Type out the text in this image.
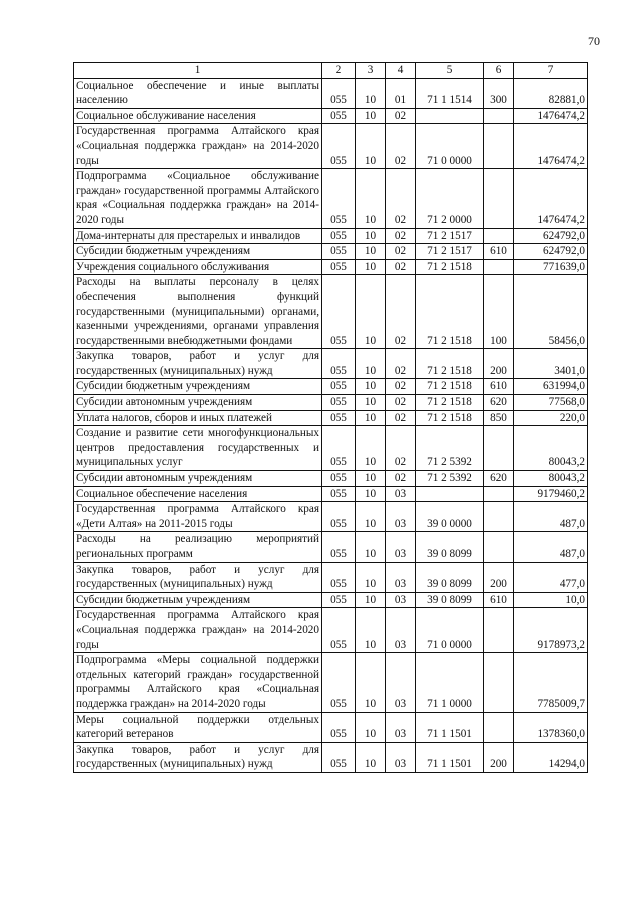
70
1	2	3	4	5	6	7
Социальное обеспечение и иные выплаты населению	055	10	01	71 1 1514	300	82881,0
Социальное обслуживание населения	055	10	02			1476474,2
Государственная программа Алтайского края «Социальная поддержка граждан» на 2014-2020 годы	055	10	02	71 0 0000		1476474,2
Подпрограмма «Социальное обслуживание граждан» государственной программы Алтайского края «Социальная поддержка граждан» на 2014-2020 годы	055	10	02	71 2 0000		1476474,2
Дома-интернаты для престарелых и инвалидов	055	10	02	71 2 1517		624792,0
Субсидии бюджетным учреждениям	055	10	02	71 2 1517	610	624792,0
Учреждения социального обслуживания	055	10	02	71 2 1518		771639,0
Расходы на выплаты персоналу в целях обеспечения выполнения функций государственными (муниципальными) органами, казенными учреждениями, органами управления государственными внебюджетными фондами	055	10	02	71 2 1518	100	58456,0
Закупка товаров, работ и услуг для государственных (муниципальных) нужд	055	10	02	71 2 1518	200	3401,0
Субсидии бюджетным учреждениям	055	10	02	71 2 1518	610	631994,0
Субсидии автономным учреждениям	055	10	02	71 2 1518	620	77568,0
Уплата налогов, сборов и иных платежей	055	10	02	71 2 1518	850	220,0
Создание и развитие сети многофункциональных центров предоставления государственных и муниципальных услуг	055	10	02	71 2 5392		80043,2
Субсидии автономным учреждениям	055	10	02	71 2 5392	620	80043,2
Социальное обеспечение населения	055	10	03			9179460,2
Государственная программа Алтайского края «Дети Алтая» на 2011-2015 годы	055	10	03	39 0 0000		487,0
Расходы на реализацию мероприятий региональных программ	055	10	03	39 0 8099		487,0
Закупка товаров, работ и услуг для государственных (муниципальных) нужд	055	10	03	39 0 8099	200	477,0
Субсидии бюджетным учреждениям	055	10	03	39 0 8099	610	10,0
Государственная программа Алтайского края «Социальная поддержка граждан» на 2014-2020 годы	055	10	03	71 0 0000		9178973,2
Подпрограмма «Меры социальной поддержки отдельных категорий граждан» государственной программы Алтайского края «Социальная поддержка граждан» на 2014-2020 годы	055	10	03	71 1 0000		7785009,7
Меры социальной поддержки отдельных категорий ветеранов	055	10	03	71 1 1501		1378360,0
Закупка товаров, работ и услуг для государственных (муниципальных) нужд	055	10	03	71 1 1501	200	14294,0
